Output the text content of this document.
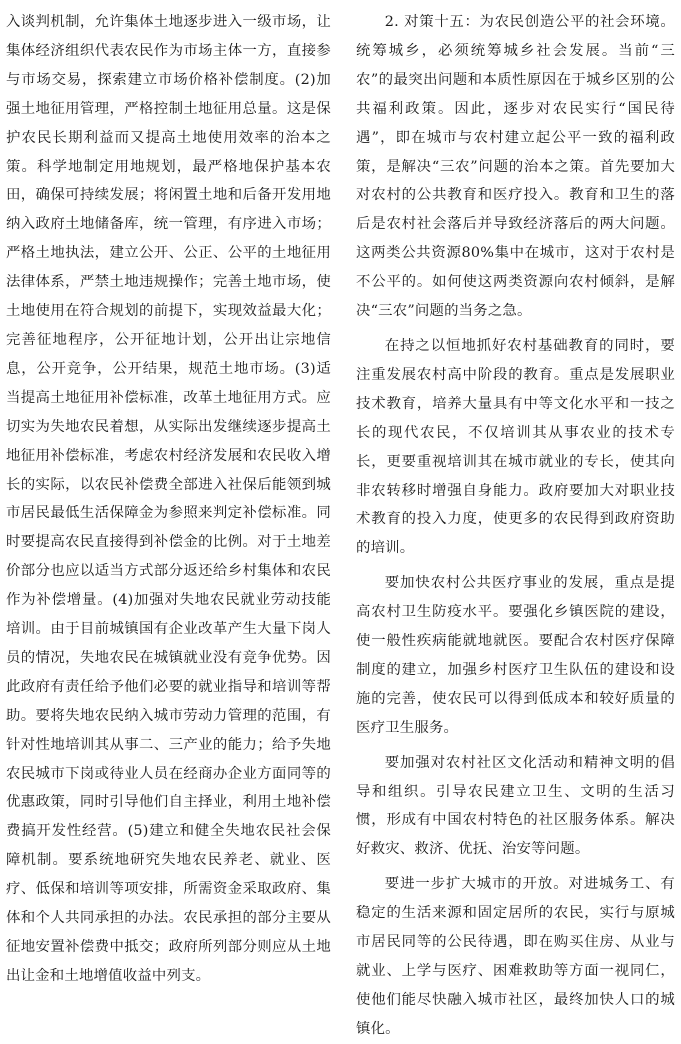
入谈判机制，允许集体土地逐步进入一级市场，让集体经济组织代表农民作为市场主体一方，直接参与市场交易，探索建立市场价格补偿制度。(2)加强土地征用管理，严格控制土地征用总量。这是保护农民长期利益而又提高土地使用效率的治本之策。科学地制定用地规划，最严格地保护基本农田，确保可持续发展；将闲置土地和后备开发用地纳入政府土地储备库，统一管理，有序进入市场；严格土地执法，建立公开、公正、公平的土地征用法律体系，严禁土地违规操作；完善土地市场，使土地使用在符合规划的前提下，实现效益最大化；完善征地程序，公开征地计划，公开出让宗地信息，公开竞争，公开结果，规范土地市场。(3)适当提高土地征用补偿标准，改革土地征用方式。应切实为失地农民着想，从实际出发继续逐步提高土地征用补偿标准，考虑农村经济发展和农民收入增长的实际，以农民补偿费全部进入社保后能领到城市居民最低生活保障金为参照来判定补偿标准。同时要提高农民直接得到补偿金的比例。对于土地差价部分也应以适当方式部分返还给乡村集体和农民作为补偿增量。(4)加强对失地农民就业劳动技能培训。由于目前城镇国有企业改革产生大量下岗人员的情况，失地农民在城镇就业没有竞争优势。因此政府有责任给予他们必要的就业指导和培训等帮助。要将失地农民纳入城市劳动力管理的范围，有针对性地培训其从事二、三产业的能力；给予失地农民城市下岗或待业人员在经商办企业方面同等的优惠政策，同时引导他们自主择业，利用土地补偿费搞开发性经营。(5)建立和健全失地农民社会保障机制。要系统地研究失地农民养老、就业、医疗、低保和培训等项安排，所需资金采取政府、集体和个人共同承担的办法。农民承担的部分主要从征地安置补偿费中抵交；政府所列部分则应从土地出让金和土地增值收益中列支。

2. 对策十五：为农民创造公平的社会环境。统筹城乡，必须统筹城乡社会发展。当前“三农”的最突出问题和本质性原因在于城乡区别的公共福利政策。因此，逐步对农民实行“国民待遇”，即在城市与农村建立起公平一致的福利政策，是解决“三农”问题的治本之策。首先要加大对农村的公共教育和医疗投入。教育和卫生的落后是农村社会落后并导致经济落后的两大问题。这两类公共资源80%集中在城市，这对于农村是不公平的。如何使这两类资源向农村倾斜，是解决“三农”问题的当务之急。

在持之以恒地抓好农村基础教育的同时，要注重发展农村高中阶段的教育。重点是发展职业技术教育，培养大量具有中等文化水平和一技之长的现代农民，不仅培训其从事农业的技术专长，更要重视培训其在城市就业的专长，使其向非农转移时增强自身能力。政府要加大对职业技术教育的投入力度，使更多的农民得到政府资助的培训。

要加快农村公共医疗事业的发展，重点是提高农村卫生防疫水平。要强化乡镇医院的建设，使一般性疾病能就地就医。要配合农村医疗保障制度的建立，加强乡村医疗卫生队伍的建设和设施的完善，使农民可以得到低成本和较好质量的医疗卫生服务。

要加强对农村社区文化活动和精神文明的倡导和组织。引导农民建立卫生、文明的生活习惯，形成有中国农村特色的社区服务体系。解决好救灾、救济、优抚、治安等问题。

要进一步扩大城市的开放。对进城务工、有稳定的生活来源和固定居所的农民，实行与原城市居民同等的公民待遇，即在购买住房、从业与就业、上学与医疗、困难救助等方面一视同仁，使他们能尽快融入城市社区，最终加快人口的城镇化。
